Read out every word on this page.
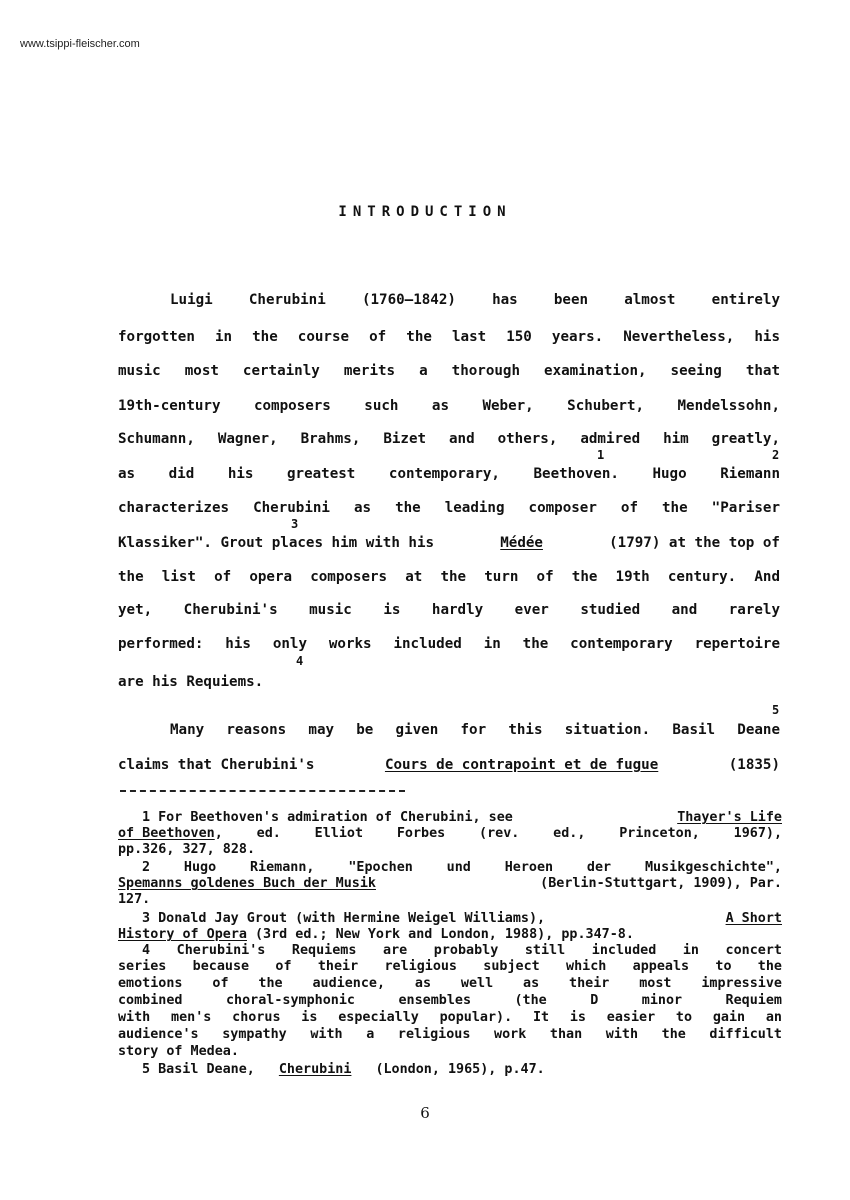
www.tsippi-fleischer.com
INTRODUCTION
Luigi Cherubini (1760–1842) has been almost entirely
forgotten in the course of the last 150 years. Nevertheless, his
music most certainly merits a thorough examination, seeing that
19th-century composers such as Weber, Schubert, Mendelssohn,
Schumann, Wagner, Brahms, Bizet and others, admired him greatly,
1	2
as did his greatest contemporary, Beethoven. Hugo Riemann
characterizes Cherubini as the leading composer of the "Pariser
3
Klassiker". Grout places him with his	Médée	(1797) at the top of
the list of opera composers at the turn of the 19th century. And
yet, Cherubini's music is hardly ever studied and rarely
performed: his only works included in the contemporary repertoire
4
are his Requiems.
5
Many reasons may be given for this situation. Basil Deane
claims that Cherubini's	Cours de contrapoint et de fugue	(1835)
1 For Beethoven's admiration of Cherubini, see	Thayer's Life
of Beethoven , ed. Elliot Forbes (rev. ed., Princeton, 1967),
pp.326, 327, 828.
2 Hugo Riemann, "Epochen und Heroen der Musikgeschichte",
Spemanns goldenes Buch der Musik	(Berlin-Stuttgart, 1909), Par.
127.
3 Donald Jay Grout (with Hermine Weigel Williams),	A Short
History of Opera (3rd ed.; New York and London, 1988), pp.347-8.
4 Cherubini's Requiems are probably still included in concert
series because of their religious subject which appeals to the
emotions of the audience, as well as their most impressive
combined choral-symphonic ensembles (the D minor Requiem
with men's chorus is especially popular). It is easier to gain an
audience's sympathy with a religious work than with the difficult
story of Medea.
5 Basil Deane, Cherubini (London, 1965), p.47.
6
